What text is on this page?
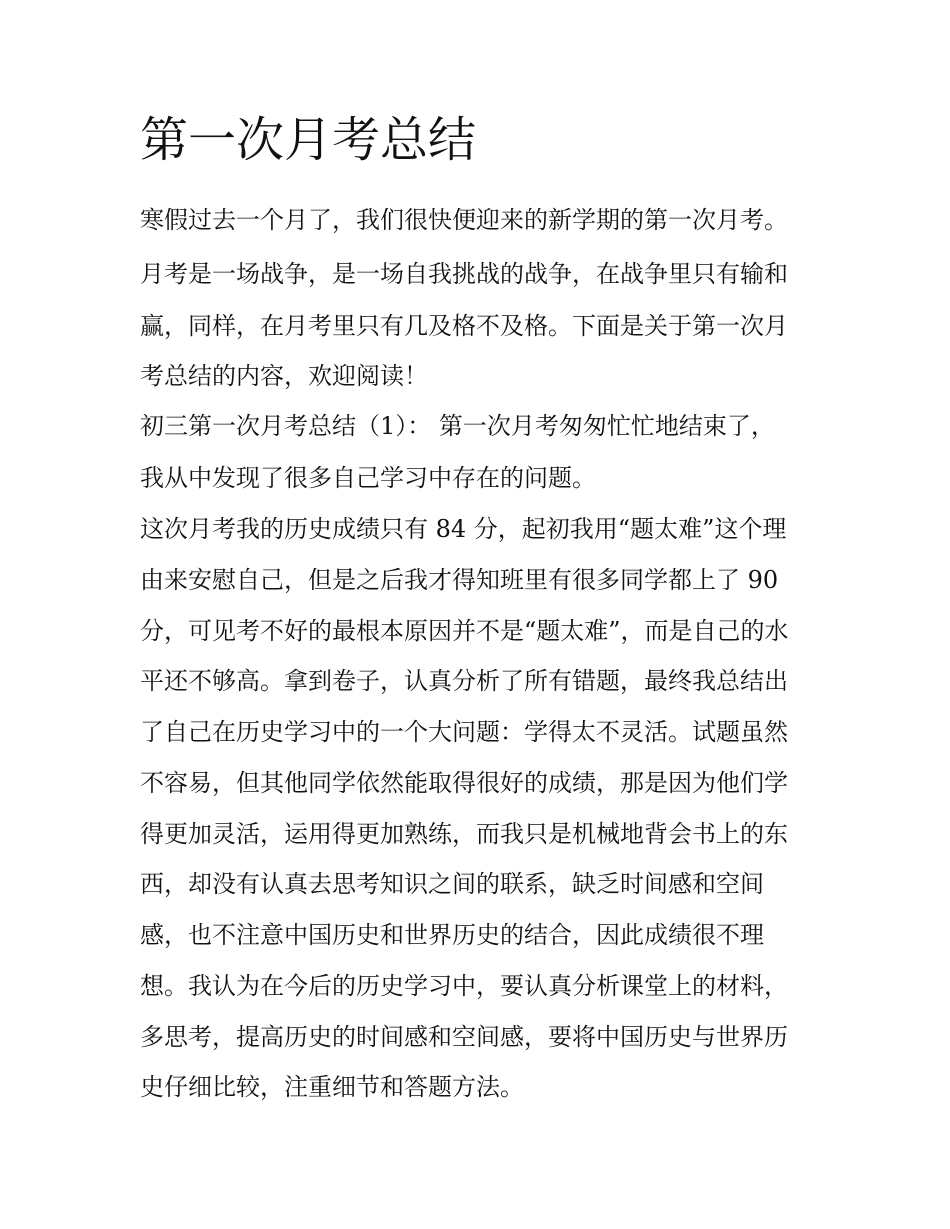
第一次月考总结

寒假过去一个月了，我们很快便迎来的新学期的第一次月考。

月考是一场战争，是一场自我挑战的战争，在战争里只有输和

赢，同样，在月考里只有几及格不及格。下面是关于第一次月

考总结的内容，欢迎阅读！

初三第一次月考总结（1）： 第一次月考匆匆忙忙地结束了，

我从中发现了很多自己学习中存在的问题。

这次月考我的历史成绩只有 84 分，起初我用“题太难”这个理

由来安慰自己，但是之后我才得知班里有很多同学都上了 90

分，可见考不好的最根本原因并不是“题太难”，而是自己的水

平还不够高。拿到卷子，认真分析了所有错题，最终我总结出

了自己在历史学习中的一个大问题：学得太不灵活。试题虽然

不容易，但其他同学依然能取得很好的成绩，那是因为他们学

得更加灵活，运用得更加熟练，而我只是机械地背会书上的东

西，却没有认真去思考知识之间的联系，缺乏时间感和空间

感，也不注意中国历史和世界历史的结合，因此成绩很不理

想。我认为在今后的历史学习中，要认真分析课堂上的材料，

多思考，提高历史的时间感和空间感，要将中国历史与世界历

史仔细比较，注重细节和答题方法。
